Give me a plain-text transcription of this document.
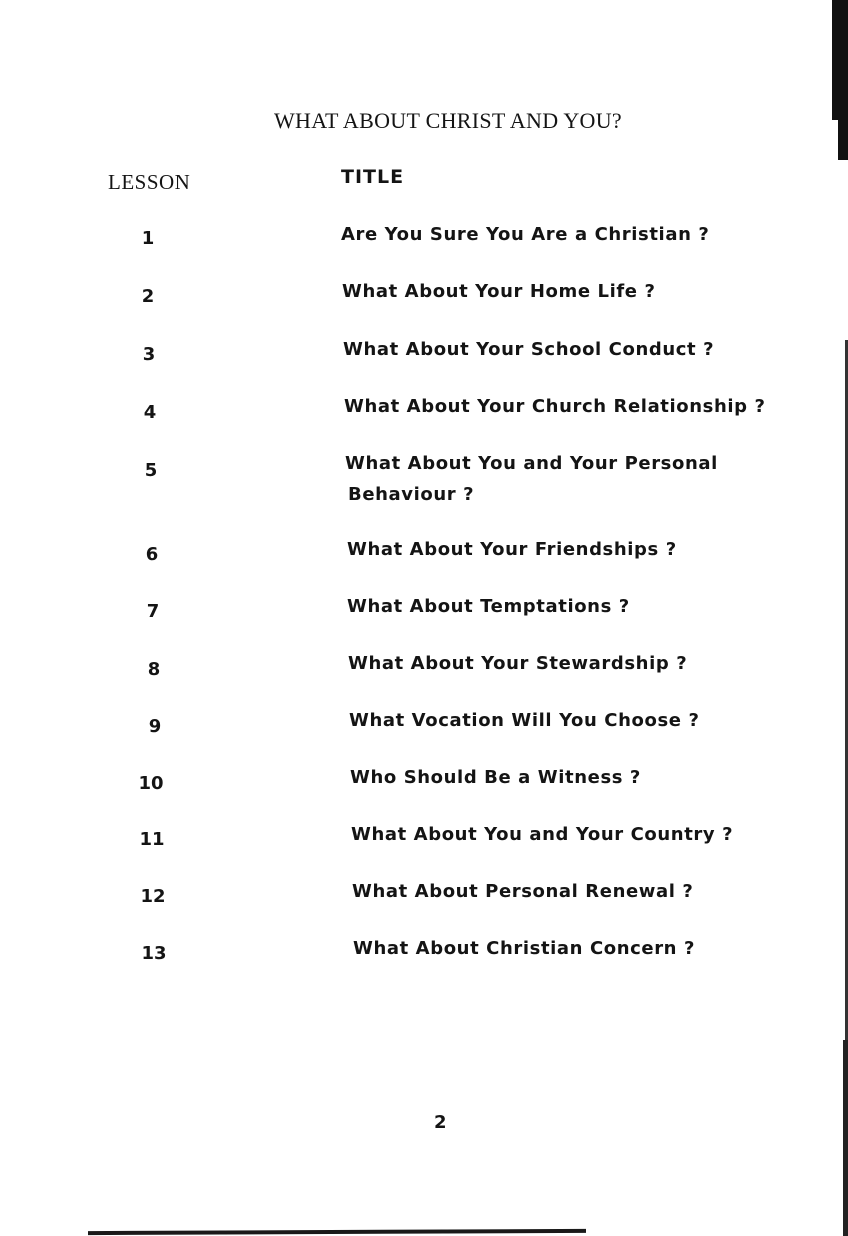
WHAT ABOUT CHRIST AND YOU?
LESSON	TITLE
1	Are You Sure You Are a Christian ?
2	What About Your Home Life ?
3	What About Your School Conduct ?
4	What About Your Church Relationship ?
5	What About You and Your Personal
Behaviour ?
6	What About Your Friendships ?
7	What About Temptations ?
8	What About Your Stewardship ?
9	What Vocation Will You Choose ?
10	Who Should Be a Witness ?
11	What About You and Your Country ?
12	What About Personal Renewal ?
13	What About Christian Concern ?
2
